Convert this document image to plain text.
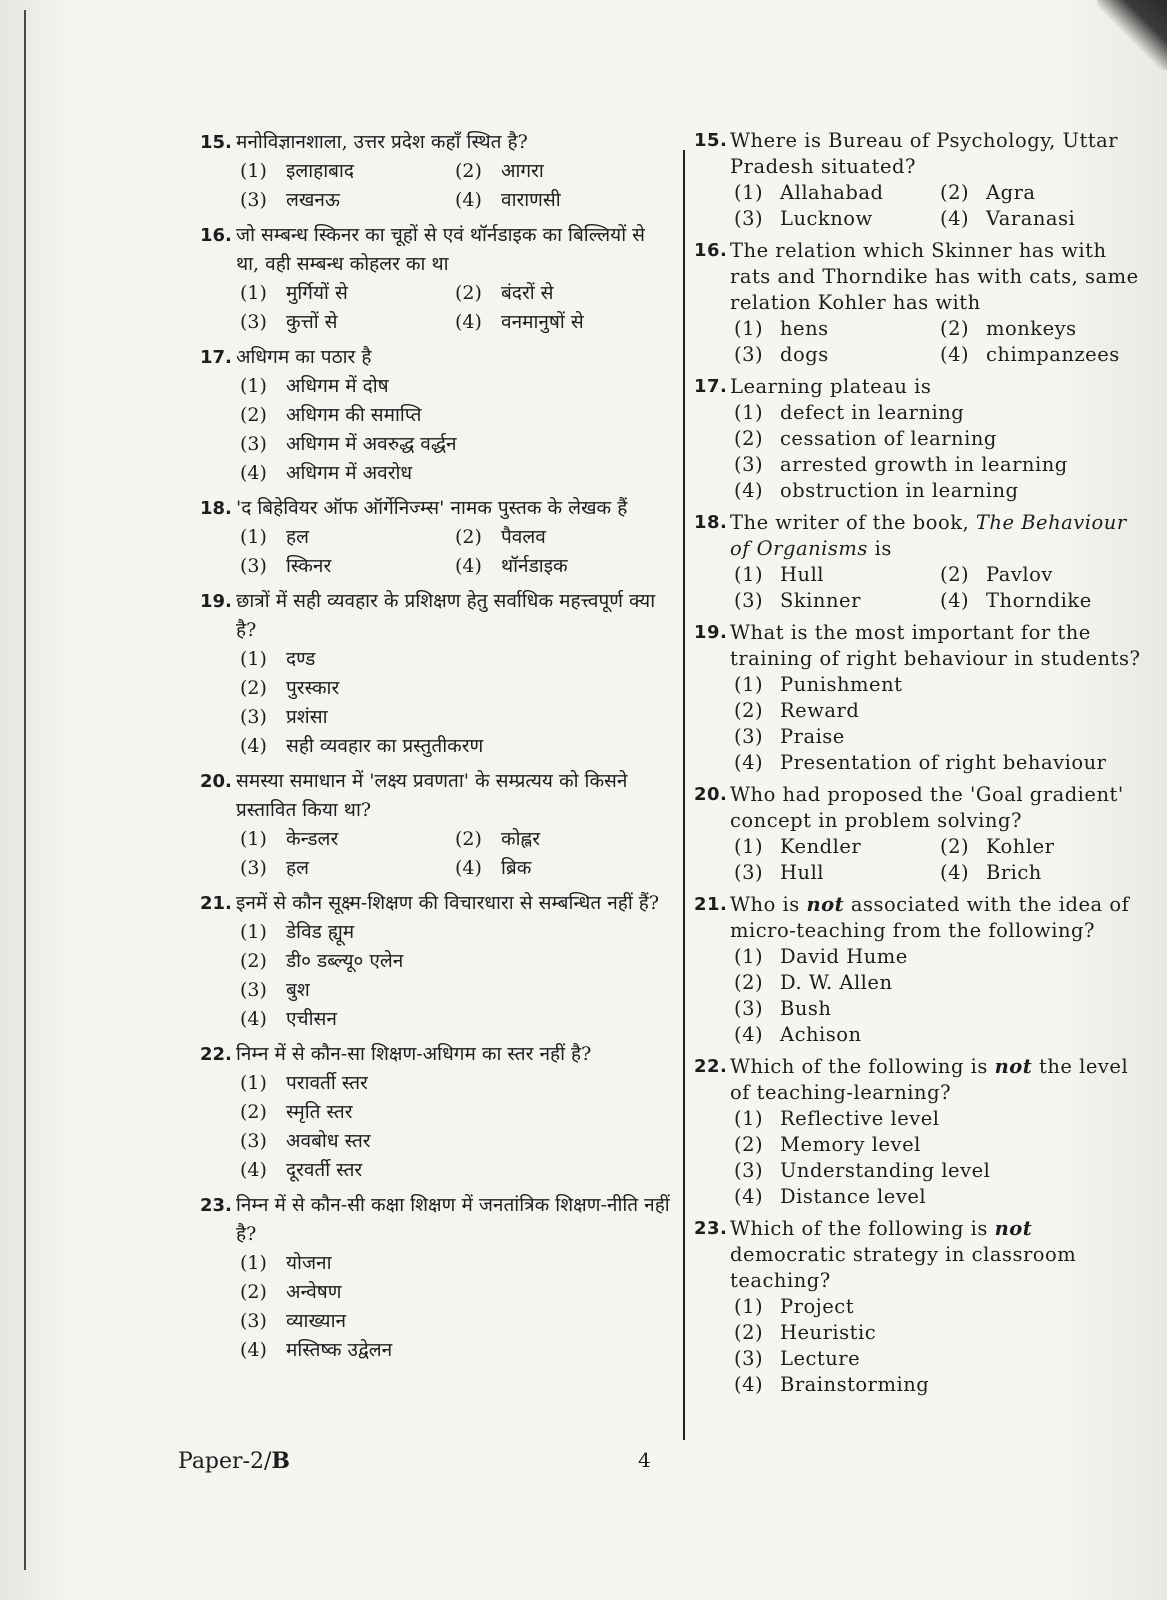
15. मनोविज्ञानशाला, उत्तर प्रदेश कहाँ स्थित है?
(1) इलाहाबाद	(2) आगरा
(3) लखनऊ	(4) वाराणसी
16. जो सम्बन्ध स्किनर का चूहों से एवं थॉर्नडाइक का बिल्लियों से था, वही सम्बन्ध कोहलर का था
(1) मुर्गियों से	(2) बंदरों से
(3) कुत्तों से	(4) वनमानुषों से
17. अधिगम का पठार है
(1) अधिगम में दोष
(2) अधिगम की समाप्ति
(3) अधिगम में अवरुद्ध वर्द्धन
(4) अधिगम में अवरोध
18. 'द बिहेवियर ऑफ ऑर्गेनिज्म्स' नामक पुस्तक के लेखक हैं
(1) हल	(2) पैवलव
(3) स्किनर	(4) थॉर्नडाइक
19. छात्रों में सही व्यवहार के प्रशिक्षण हेतु सर्वाधिक महत्त्वपूर्ण क्या है?
(1) दण्ड
(2) पुरस्कार
(3) प्रशंसा
(4) सही व्यवहार का प्रस्तुतीकरण
20. समस्या समाधान में 'लक्ष्य प्रवणता' के सम्प्रत्यय को किसने प्रस्तावित किया था?
(1) केन्डलर	(2) कोह्लर
(3) हल	(4) ब्रिक
21. इनमें से कौन सूक्ष्म-शिक्षण की विचारधारा से सम्बन्धित नहीं हैं?
(1) डेविड ह्यूम
(2) डी० डब्ल्यू० एलेन
(3) बुश
(4) एचीसन
22. निम्न में से कौन-सा शिक्षण-अधिगम का स्तर नहीं है?
(1) परावर्ती स्तर
(2) स्मृति स्तर
(3) अवबोध स्तर
(4) दूरवर्ती स्तर
23. निम्न में से कौन-सी कक्षा शिक्षण में जनतांत्रिक शिक्षण-नीति नहीं है?
(1) योजना
(2) अन्वेषण
(3) व्याख्यान
(4) मस्तिष्क उद्वेलन
15. Where is Bureau of Psychology, Uttar Pradesh situated?
(1) Allahabad	(2) Agra
(3) Lucknow	(4) Varanasi
16. The relation which Skinner has with rats and Thorndike has with cats, same relation Kohler has with
(1) hens	(2) monkeys
(3) dogs	(4) chimpanzees
17. Learning plateau is
(1) defect in learning
(2) cessation of learning
(3) arrested growth in learning
(4) obstruction in learning
18. The writer of the book, The Behaviour of Organisms is
(1) Hull	(2) Pavlov
(3) Skinner	(4) Thorndike
19. What is the most important for the training of right behaviour in students?
(1) Punishment
(2) Reward
(3) Praise
(4) Presentation of right behaviour
20. Who had proposed the 'Goal gradient' concept in problem solving?
(1) Kendler	(2) Kohler
(3) Hull	(4) Brich
21. Who is not associated with the idea of micro-teaching from the following?
(1) David Hume
(2) D. W. Allen
(3) Bush
(4) Achison
22. Which of the following is not the level of teaching-learning?
(1) Reflective level
(2) Memory level
(3) Understanding level
(4) Distance level
23. Which of the following is not democratic strategy in classroom teaching?
(1) Project
(2) Heuristic
(3) Lecture
(4) Brainstorming
Paper-2/B	4
